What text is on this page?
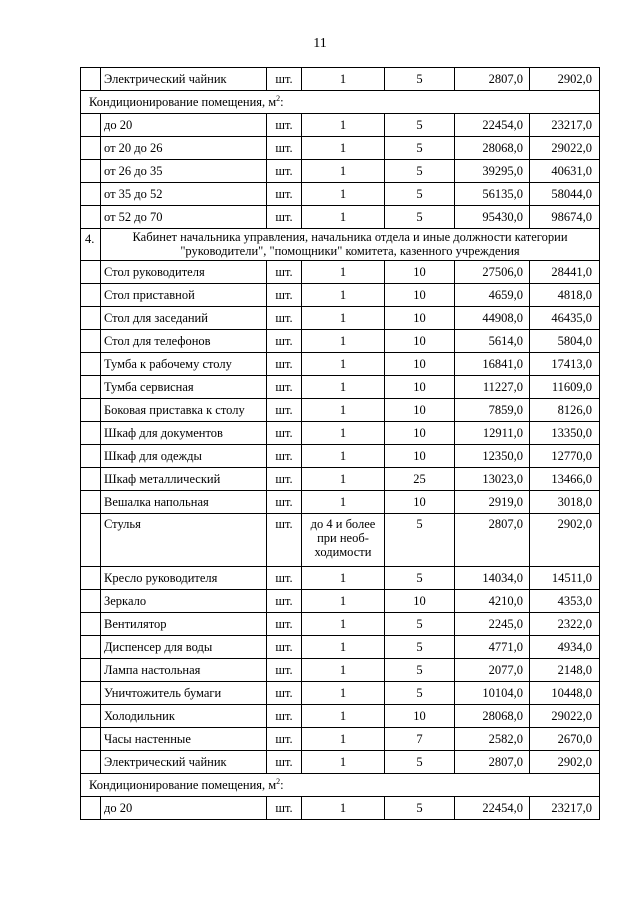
11
	Электрический чайник	шт.	1	5	2807,0	2902,0
Кондиционирование помещения, $м^2$:						
	до 20	шт.	1	5	22454,0	23217,0
	от 20 до 26	шт.	1	5	28068,0	29022,0
	от 26 до 35	шт.	1	5	39295,0	40631,0
	от 35 до 52	шт.	1	5	56135,0	58044,0
	от 52 до 70	шт.	1	5	95430,0	98674,0
4.	Кабинет начальника управления, начальника отдела и иные должности категории "руководители", "помощники" комитета, казенного учреждения					
	Стол руководителя	шт.	1	10	27506,0	28441,0
	Стол приставной	шт.	1	10	4659,0	4818,0
	Стол для заседаний	шт.	1	10	44908,0	46435,0
	Стол для телефонов	шт.	1	10	5614,0	5804,0
	Тумба к рабочему столу	шт.	1	10	16841,0	17413,0
	Тумба сервисная	шт.	1	10	11227,0	11609,0
	Боковая приставка к столу	шт.	1	10	7859,0	8126,0
	Шкаф для документов	шт.	1	10	12911,0	13350,0
	Шкаф для одежды	шт.	1	10	12350,0	12770,0
	Шкаф металлический	шт.	1	25	13023,0	13466,0
	Вешалка напольная	шт.	1	10	2919,0	3018,0
	Стулья	шт.	до 4 и более
при необ-
ходимости	5	2807,0	2902,0
	Кресло руководителя	шт.	1	5	14034,0	14511,0
	Зеркало	шт.	1	10	4210,0	4353,0
	Вентилятор	шт.	1	5	2245,0	2322,0
	Диспенсер для воды	шт.	1	5	4771,0	4934,0
	Лампа настольная	шт.	1	5	2077,0	2148,0
	Уничтожитель бумаги	шт.	1	5	10104,0	10448,0
	Холодильник	шт.	1	10	28068,0	29022,0
	Часы настенные	шт.	1	7	2582,0	2670,0
	Электрический чайник	шт.	1	5	2807,0	2902,0
Кондиционирование помещения, $м^2$:						
	до 20	шт.	1	5	22454,0	23217,0
